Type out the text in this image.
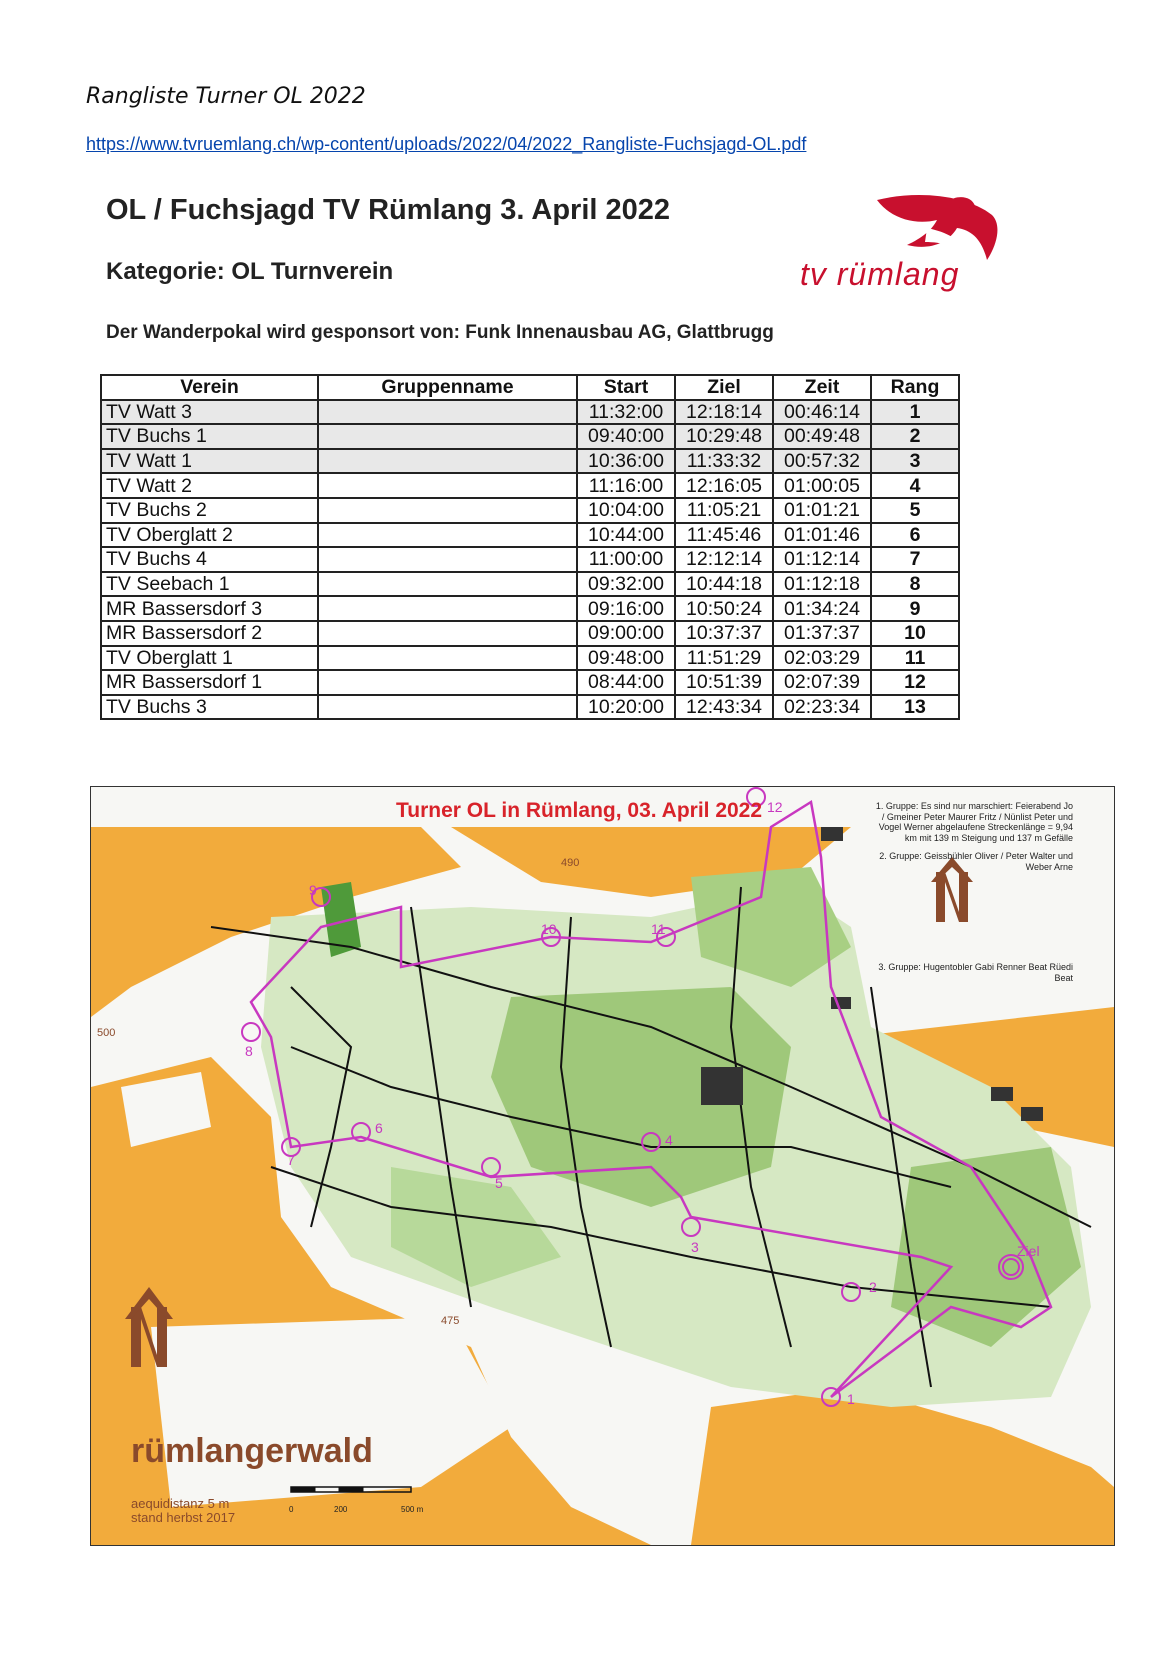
Rangliste Turner OL 2022
https://www.tvruemlang.ch/wp-content/uploads/2022/04/2022_Rangliste-Fuchsjagd-OL.pdf
OL / Fuchsjagd TV Rümlang 3. April 2022
Kategorie: OL Turnverein
Der Wanderpokal wird gesponsort von: Funk Innenausbau AG, Glattbrugg
tv rümlang
Verein	Gruppenname	Start	Ziel	Zeit	Rang
TV Watt 3		11:32:00	12:18:14	00:46:14	1
TV Buchs 1		09:40:00	10:29:48	00:49:48	2
TV Watt 1		10:36:00	11:33:32	00:57:32	3
TV Watt 2		11:16:00	12:16:05	01:00:05	4
TV Buchs 2		10:04:00	11:05:21	01:01:21	5
TV Oberglatt 2		10:44:00	11:45:46	01:01:46	6
TV Buchs 4		11:00:00	12:12:14	01:12:14	7
TV Seebach 1		09:32:00	10:44:18	01:12:18	8
MR Bassersdorf 3		09:16:00	10:50:24	01:34:24	9
MR Bassersdorf 2		09:00:00	10:37:37	01:37:37	10
TV Oberglatt 1		09:48:00	11:51:29	02:03:29	11
MR Bassersdorf 1		08:44:00	10:51:39	02:07:39	12
TV Buchs 3		10:20:00	12:43:34	02:23:34	13
Turner OL in Rümlang, 03. April 2022	1. Gruppe: Es sind nur marschiert: Feierabend Jo / Gmeiner Peter Maurer Fritz / Nünlist Peter und Vogel Werner abgelaufene Streckenlänge = 9,94 km mit 139 m Steigung und 137 m Gefälle

2. Gruppe: Geissbühler Oliver / Peter Walter und Weber Arne

3. Gruppe: Hugentobler Gabi Renner Beat Rüedi Beat

rümlangerwald
aequidistanz 5 m
stand herbst 2017
0	200	500 m
490
500
475
1
2
3
4
5
6
7
8
9
10	11
12
Ziel
